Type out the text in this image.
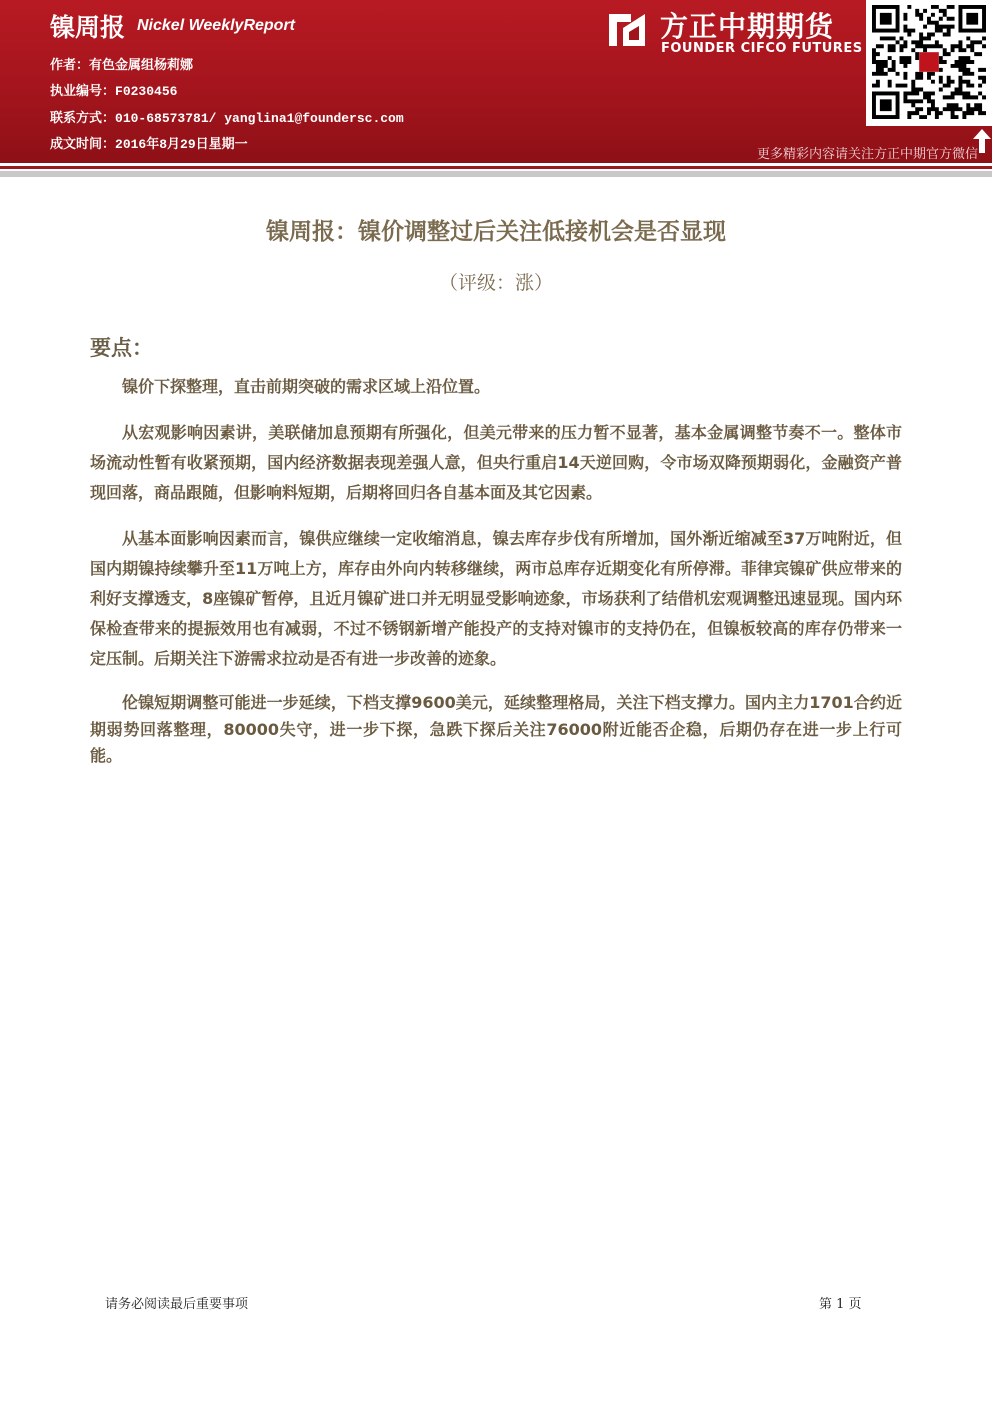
镍周报 Nickel WeeklyReport
作者：有色金属组杨莉娜
执业编号：F0230456
联系方式：010-68573781/ yanglina1@foundersc.com
成文时间：2016年8月29日星期一
方正中期期货
FOUNDER CIFCO FUTURES
更多精彩内容请关注方正中期官方微信
镍周报：镍价调整过后关注低接机会是否显现
（评级：涨）
要点：

镍价下探整理，直击前期突破的需求区域上沿位置。

从宏观影响因素讲，美联储加息预期有所强化，但美元带来的压力暂不显著，基本金属调整节奏不一。整体市场流动性暂有收紧预期，国内经济数据表现差强人意，但央行重启14天逆回购，令市场双降预期弱化，金融资产普现回落，商品跟随，但影响料短期，后期将回归各自基本面及其它因素。

从基本面影响因素而言，镍供应继续一定收缩消息，镍去库存步伐有所增加，国外渐近缩减至37万吨附近，但国内期镍持续攀升至11万吨上方，库存由外向内转移继续，两市总库存近期变化有所停滞。菲律宾镍矿供应带来的利好支撑透支，8座镍矿暂停，且近月镍矿进口并无明显受影响迹象，市场获利了结借机宏观调整迅速显现。国内环保检查带来的提振效用也有减弱，不过不锈钢新增产能投产的支持对镍市的支持仍在，但镍板较高的库存仍带来一定压制。后期关注下游需求拉动是否有进一步改善的迹象。

伦镍短期调整可能进一步延续，下档支撑9600美元，延续整理格局，关注下档支撑力。国内主力1701合约近期弱势回落整理，80000失守，进一步下探，急跌下探后关注76000附近能否企稳，后期仍存在进一步上行可能。

请务必阅读最后重要事项	第 1 页
